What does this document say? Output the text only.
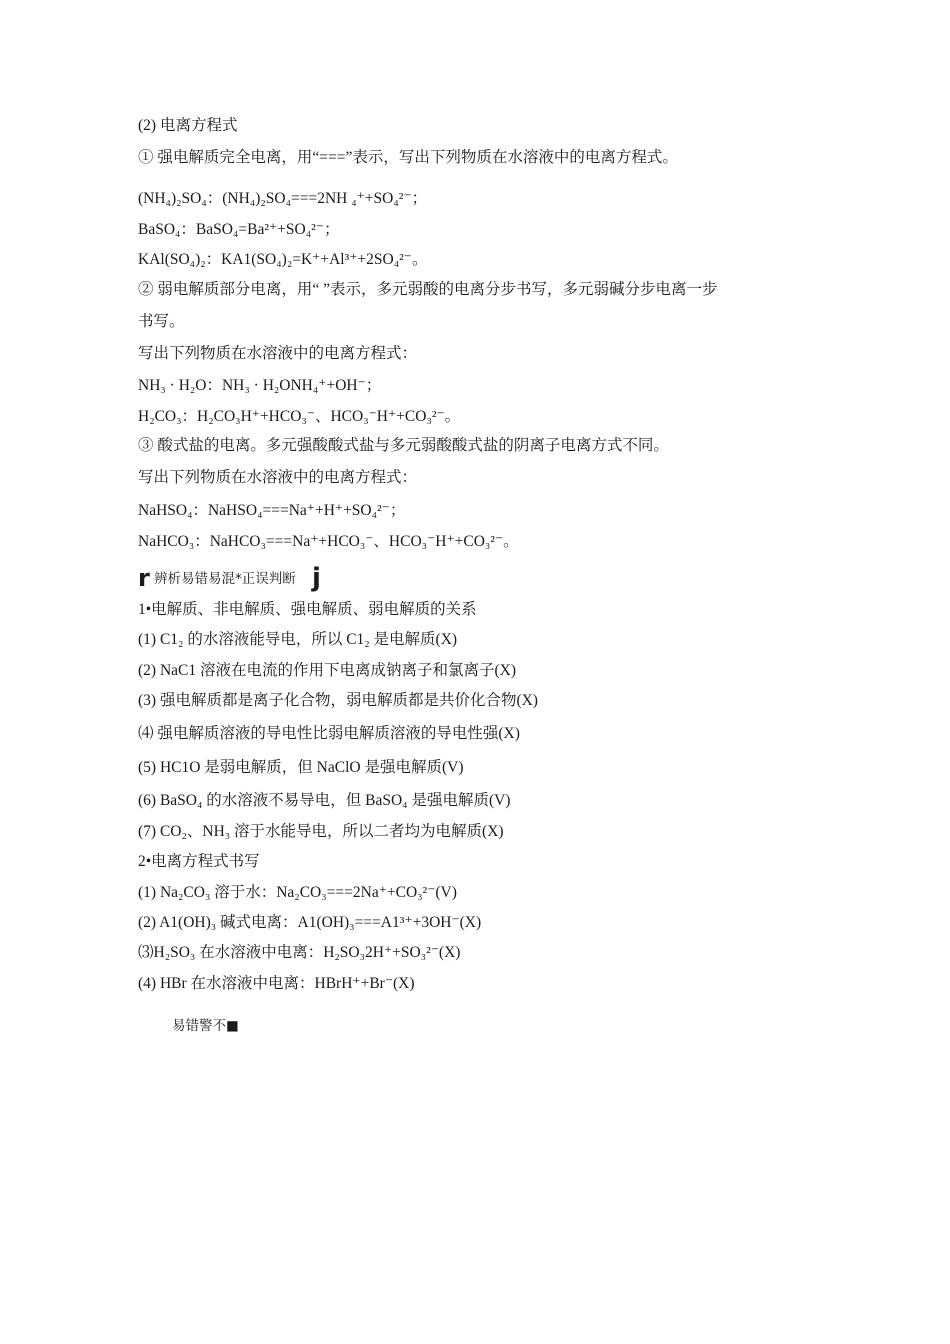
(2) 电离方程式
① 强电解质完全电离，用“===”表示，写出下列物质在水溶液中的电离方程式。
(NH₄)₂SO₄：(NH₄)₂SO₄===2NH ₄⁺+SO₄²⁻；
BaSO₄：BaSO₄=Ba²⁺+SO₄²⁻；
KAl(SO₄)₂：KA1(SO₄)₂=K⁺+Al³⁺+2SO₄²⁻。
② 弱电解质部分电离，用“ ”表示，多元弱酸的电离分步书写，多元弱碱分步电离一步
书写。
写出下列物质在水溶液中的电离方程式：
NH₃ · H₂O：NH₃ · H₂ONH₄⁺+OH⁻；
H₂CO₃：H₂CO₃H⁺+HCO₃⁻、HCO₃⁻H⁺+CO₃²⁻。
③ 酸式盐的电离。多元强酸酸式盐与多元弱酸酸式盐的阴离子电离方式不同。
写出下列物质在水溶液中的电离方程式：
NaHSO₄：NaHSO₄===Na⁺+H⁺+SO₄²⁻；
NaHCO₃：NaHCO₃===Na⁺+HCO₃⁻、HCO₃⁻H⁺+CO₃²⁻。
r 辨析易错易混*正误判断 j
1•电解质、非电解质、强电解质、弱电解质的关系
(1) C1₂ 的水溶液能导电，所以 C1₂ 是电解质(X)
(2) NaC1 溶液在电流的作用下电离成钠离子和氯离子(X)
(3) 强电解质都是离子化合物，弱电解质都是共价化合物(X)
⑷ 强电解质溶液的导电性比弱电解质溶液的导电性强(X)
(5) HC1O 是弱电解质，但 NaClO 是强电解质(V)
(6) BaSO₄ 的水溶液不易导电，但 BaSO₄ 是强电解质(V)
(7) CO₂、NH₃ 溶于水能导电，所以二者均为电解质(X)
2•电离方程式书写
(1) Na₂CO₃ 溶于水：Na₂CO₃===2Na⁺+CO₃²⁻(V)
(2) A1(OH)₃ 碱式电离：A1(OH)₃===A1³⁺+3OH⁻(X)
⑶H₂SO₃ 在水溶液中电离：H₂SO₃2H⁺+SO₃²⁻(X)
(4) HBr 在水溶液中电离：HBrH⁺+Br⁻(X)
易错警不■
